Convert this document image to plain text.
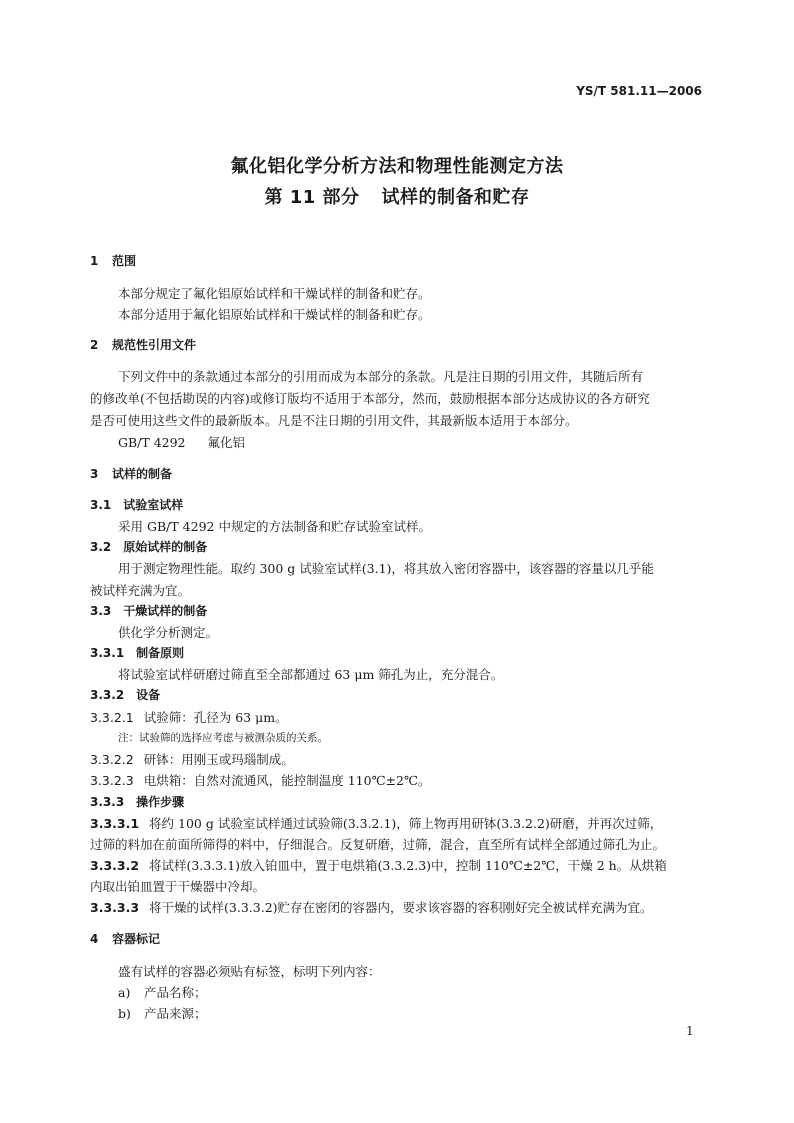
YS/T 581.11—2006
氟化铝化学分析方法和物理性能测定方法
第 11 部分 试样的制备和贮存
1 范围
本部分规定了氟化铝原始试样和干燥试样的制备和贮存。
本部分适用于氟化铝原始试样和干燥试样的制备和贮存。
2 规范性引用文件
下列文件中的条款通过本部分的引用而成为本部分的条款。凡是注日期的引用文件，其随后所有
的修改单(不包括勘误的内容)或修订版均不适用于本部分，然而，鼓励根据本部分达成协议的各方研究
是否可使用这些文件的最新版本。凡是不注日期的引用文件，其最新版本适用于本部分。
GB/T 4292 氟化铝
3 试样的制备
3.1 试验室试样
采用 GB/T 4292 中规定的方法制备和贮存试验室试样。
3.2 原始试样的制备
用于测定物理性能。取约 300 g 试验室试样(3.1)，将其放入密闭容器中，该容器的容量以几乎能
被试样充满为宜。
3.3 干燥试样的制备
供化学分析测定。
3.3.1 制备原则
将试验室试样研磨过筛直至全部都通过 63 μm 筛孔为止，充分混合。
3.3.2 设备
3.3.2.1 试验筛：孔径为 63 μm。
注：试验筛的选择应考虑与被测杂质的关系。
3.3.2.2 研钵：用刚玉或玛瑙制成。
3.3.2.3 电烘箱：自然对流通风，能控制温度 110℃±2℃。
3.3.3 操作步骤
3.3.3.1 将约 100 g 试验室试样通过试验筛(3.3.2.1)，筛上物再用研钵(3.3.2.2)研磨，并再次过筛，
过筛的料加在前面所筛得的料中，仔细混合。反复研磨，过筛，混合，直至所有试样全部通过筛孔为止。
3.3.3.2 将试样(3.3.3.1)放入铂皿中，置于电烘箱(3.3.2.3)中，控制 110℃±2℃，干燥 2 h。从烘箱
内取出铂皿置于干燥器中冷却。
3.3.3.3 将干燥的试样(3.3.3.2)贮存在密闭的容器内，要求该容器的容积刚好完全被试样充满为宜。
4 容器标记
盛有试样的容器必须贴有标签，标明下列内容：
a) 产品名称；
b) 产品来源；
1
